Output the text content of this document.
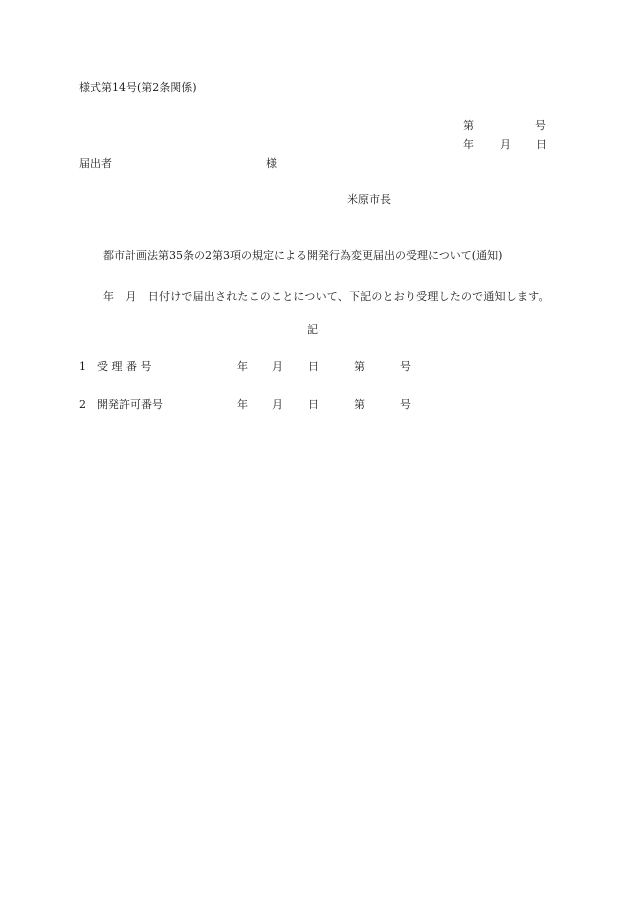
様式第14号(第2条関係)
第	号
年 月 日
届出者	様
米原市長
都市計画法第35条の2第3項の規定による開発行為変更届出の受理について(通知)
年　月　日付けで届出されたこのことについて、下記のとおり受理したので通知します。
記
1 受 理 番 号	年 月 日	第	号
2 開発許可番号	年 月 日	第	号
